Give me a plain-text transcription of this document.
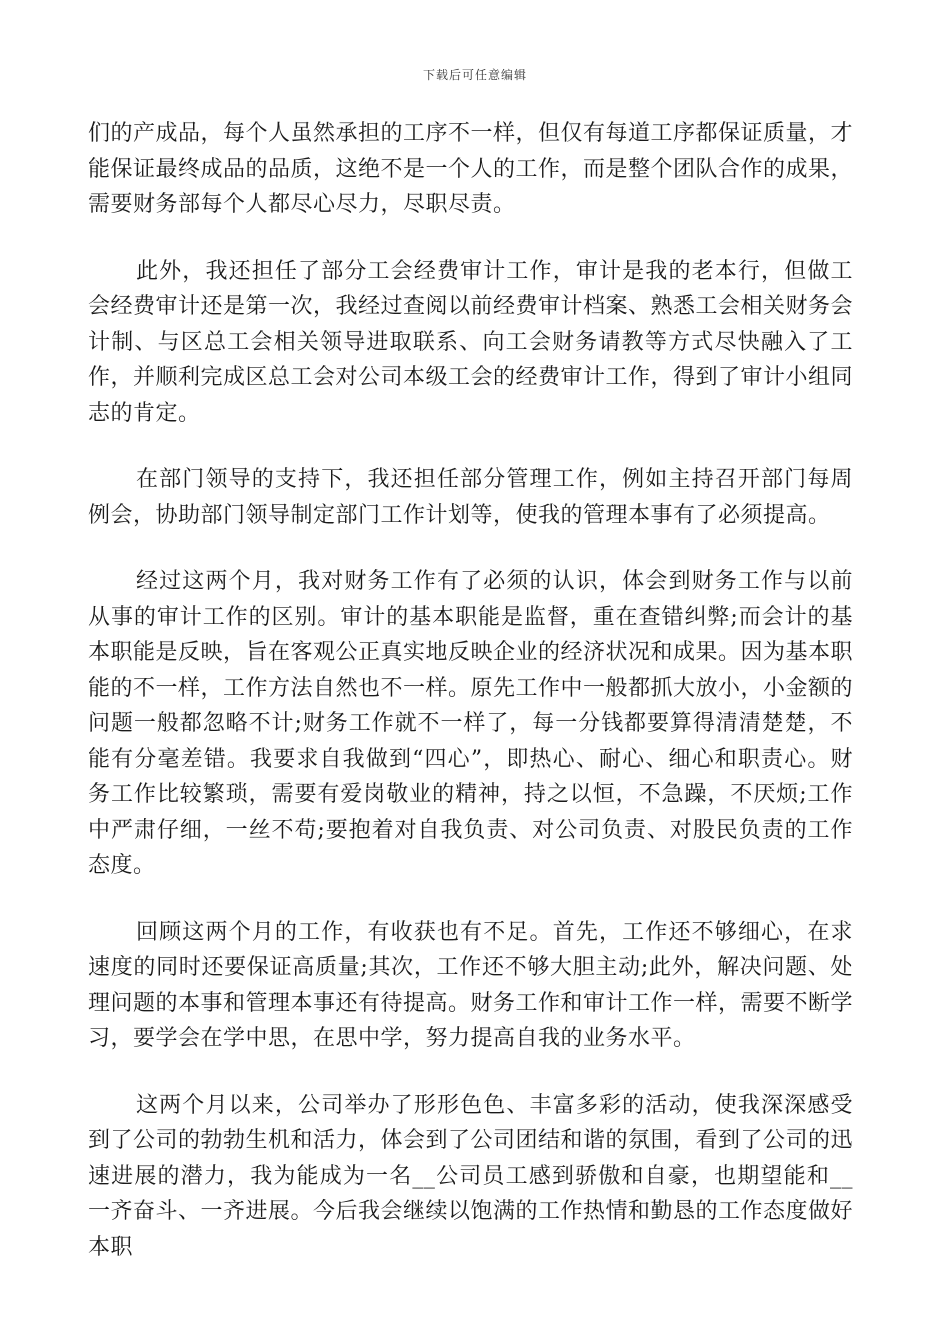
下载后可任意编辑

们的产成品，每个人虽然承担的工序不一样，但仅有每道工序都保证质量，才能保证最终成品的品质，这绝不是一个人的工作，而是整个团队合作的成果，需要财务部每个人都尽心尽力，尽职尽责。

此外，我还担任了部分工会经费审计工作，审计是我的老本行，但做工会经费审计还是第一次，我经过查阅以前经费审计档案、熟悉工会相关财务会计制、与区总工会相关领导进取联系、向工会财务请教等方式尽快融入了工作，并顺利完成区总工会对公司本级工会的经费审计工作，得到了审计小组同志的肯定。

在部门领导的支持下，我还担任部分管理工作，例如主持召开部门每周例会，协助部门领导制定部门工作计划等，使我的管理本事有了必须提高。

经过这两个月，我对财务工作有了必须的认识，体会到财务工作与以前从事的审计工作的区别。审计的基本职能是监督，重在查错纠弊;而会计的基本职能是反映，旨在客观公正真实地反映企业的经济状况和成果。因为基本职能的不一样，工作方法自然也不一样。原先工作中一般都抓大放小，小金额的问题一般都忽略不计;财务工作就不一样了，每一分钱都要算得清清楚楚，不能有分毫差错。我要求自我做到“四心”，即热心、耐心、细心和职责心。财务工作比较繁琐，需要有爱岗敬业的精神，持之以恒，不急躁，不厌烦;工作中严肃仔细，一丝不苟;要抱着对自我负责、对公司负责、对股民负责的工作态度。

回顾这两个月的工作，有收获也有不足。首先，工作还不够细心，在求速度的同时还要保证高质量;其次，工作还不够大胆主动;此外，解决问题、处理问题的本事和管理本事还有待提高。财务工作和审计工作一样，需要不断学习，要学会在学中思，在思中学，努力提高自我的业务水平。

这两个月以来，公司举办了形形色色、丰富多彩的活动，使我深深感受到了公司的勃勃生机和活力，体会到了公司团结和谐的氛围，看到了公司的迅速进展的潜力，我为能成为一名__公司员工感到骄傲和自豪，也期望能和__一齐奋斗、一齐进展。今后我会继续以饱满的工作热情和勤恳的工作态度做好本职
